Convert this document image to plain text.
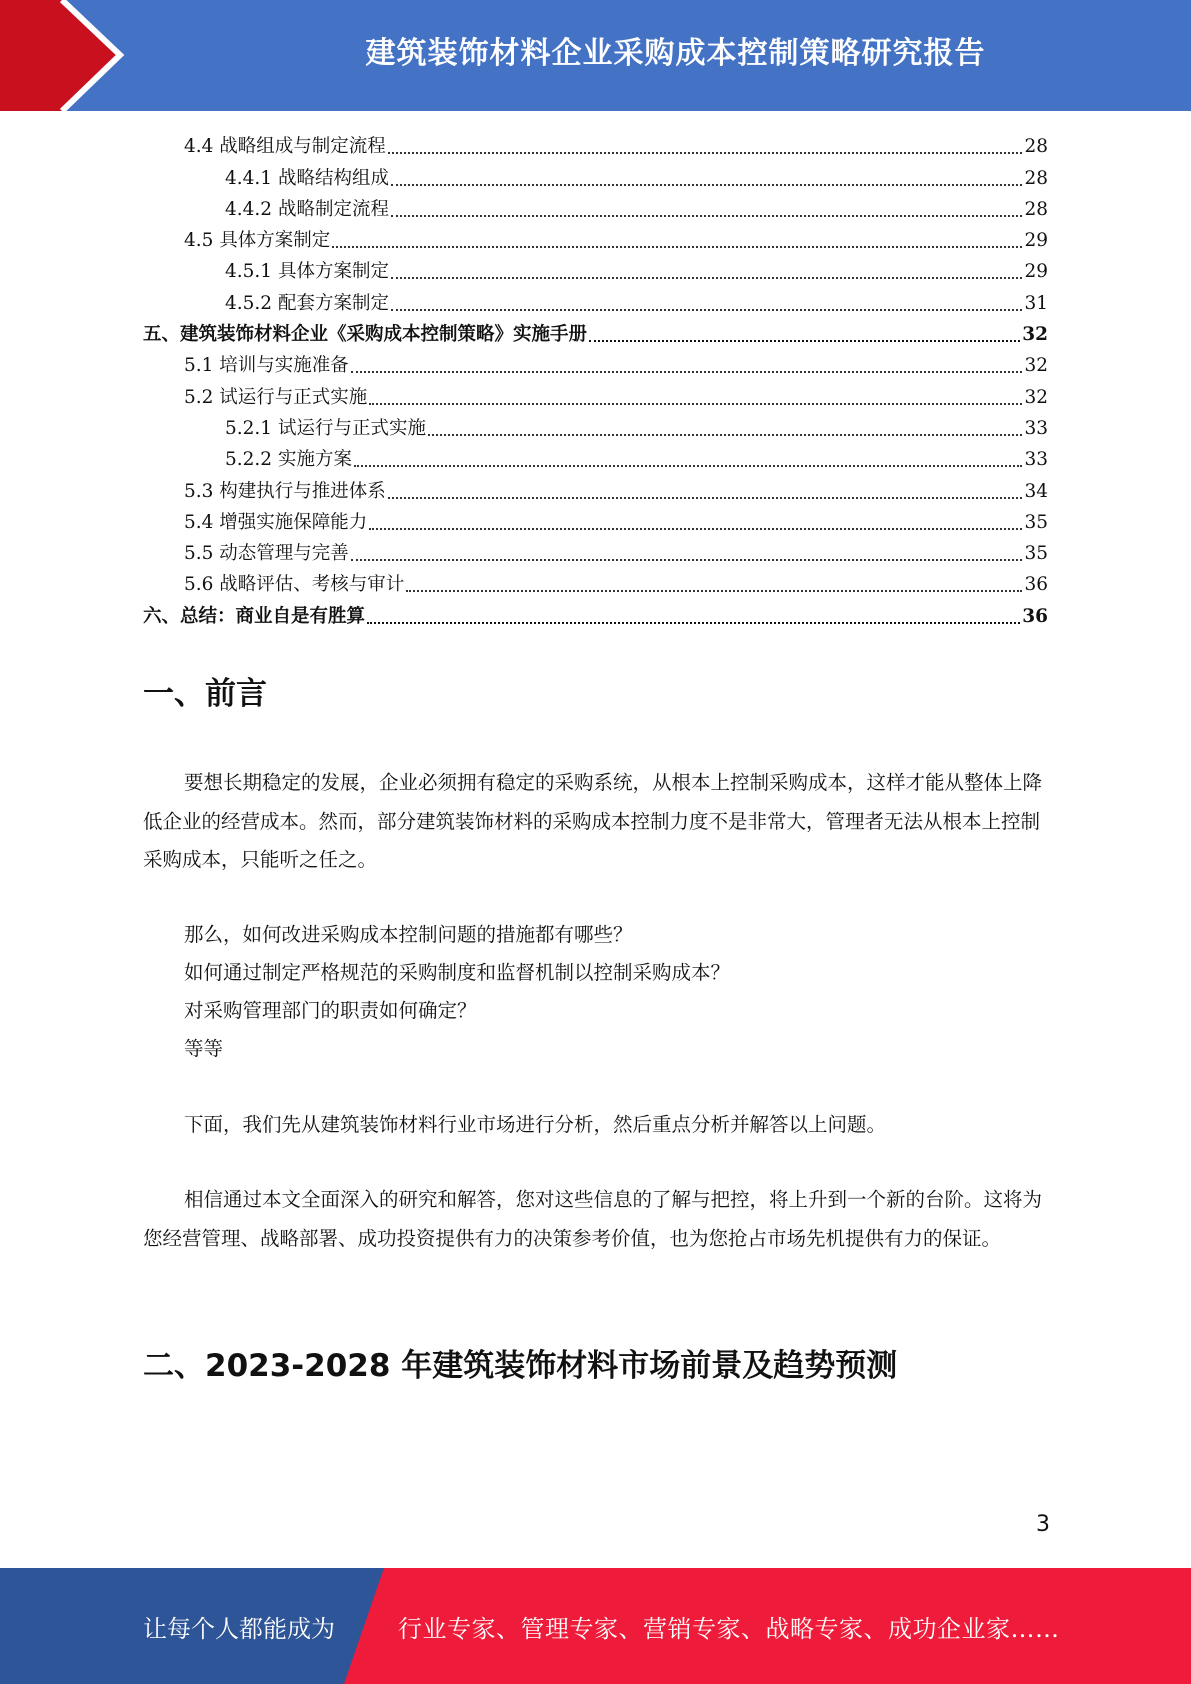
建筑装饰材料企业采购成本控制策略研究报告
4.4 战略组成与制定流程	28
4.4.1 战略结构组成	28
4.4.2 战略制定流程	28
4.5 具体方案制定	29
4.5.1 具体方案制定	29
4.5.2 配套方案制定	31
五、建筑装饰材料企业《采购成本控制策略》实施手册	32
5.1 培训与实施准备	32
5.2 试运行与正式实施	32
5.2.1 试运行与正式实施	33
5.2.2 实施方案	33
5.3 构建执行与推进体系	34
5.4 增强实施保障能力	35
5.5 动态管理与完善	35
5.6 战略评估、考核与审计	36
六、总结：商业自是有胜算	36
一、前言

要想长期稳定的发展，企业必须拥有稳定的采购系统，从根本上控制采购成本，这样才能从整体上降低企业的经营成本。然而，部分建筑装饰材料的采购成本控制力度不是非常大，管理者无法从根本上控制采购成本，只能听之任之。

那么，如何改进采购成本控制问题的措施都有哪些？

如何通过制定严格规范的采购制度和监督机制以控制采购成本？

对采购管理部门的职责如何确定？

等等

下面，我们先从建筑装饰材料行业市场进行分析，然后重点分析并解答以上问题。

相信通过本文全面深入的研究和解答，您对这些信息的了解与把控，将上升到一个新的台阶。这将为您经营管理、战略部署、成功投资提供有力的决策参考价值，也为您抢占市场先机提供有力的保证。

二、2023-2028 年建筑装饰材料市场前景及趋势预测
3
让每个人都能成为	行业专家、管理专家、营销专家、战略专家、成功企业家……
